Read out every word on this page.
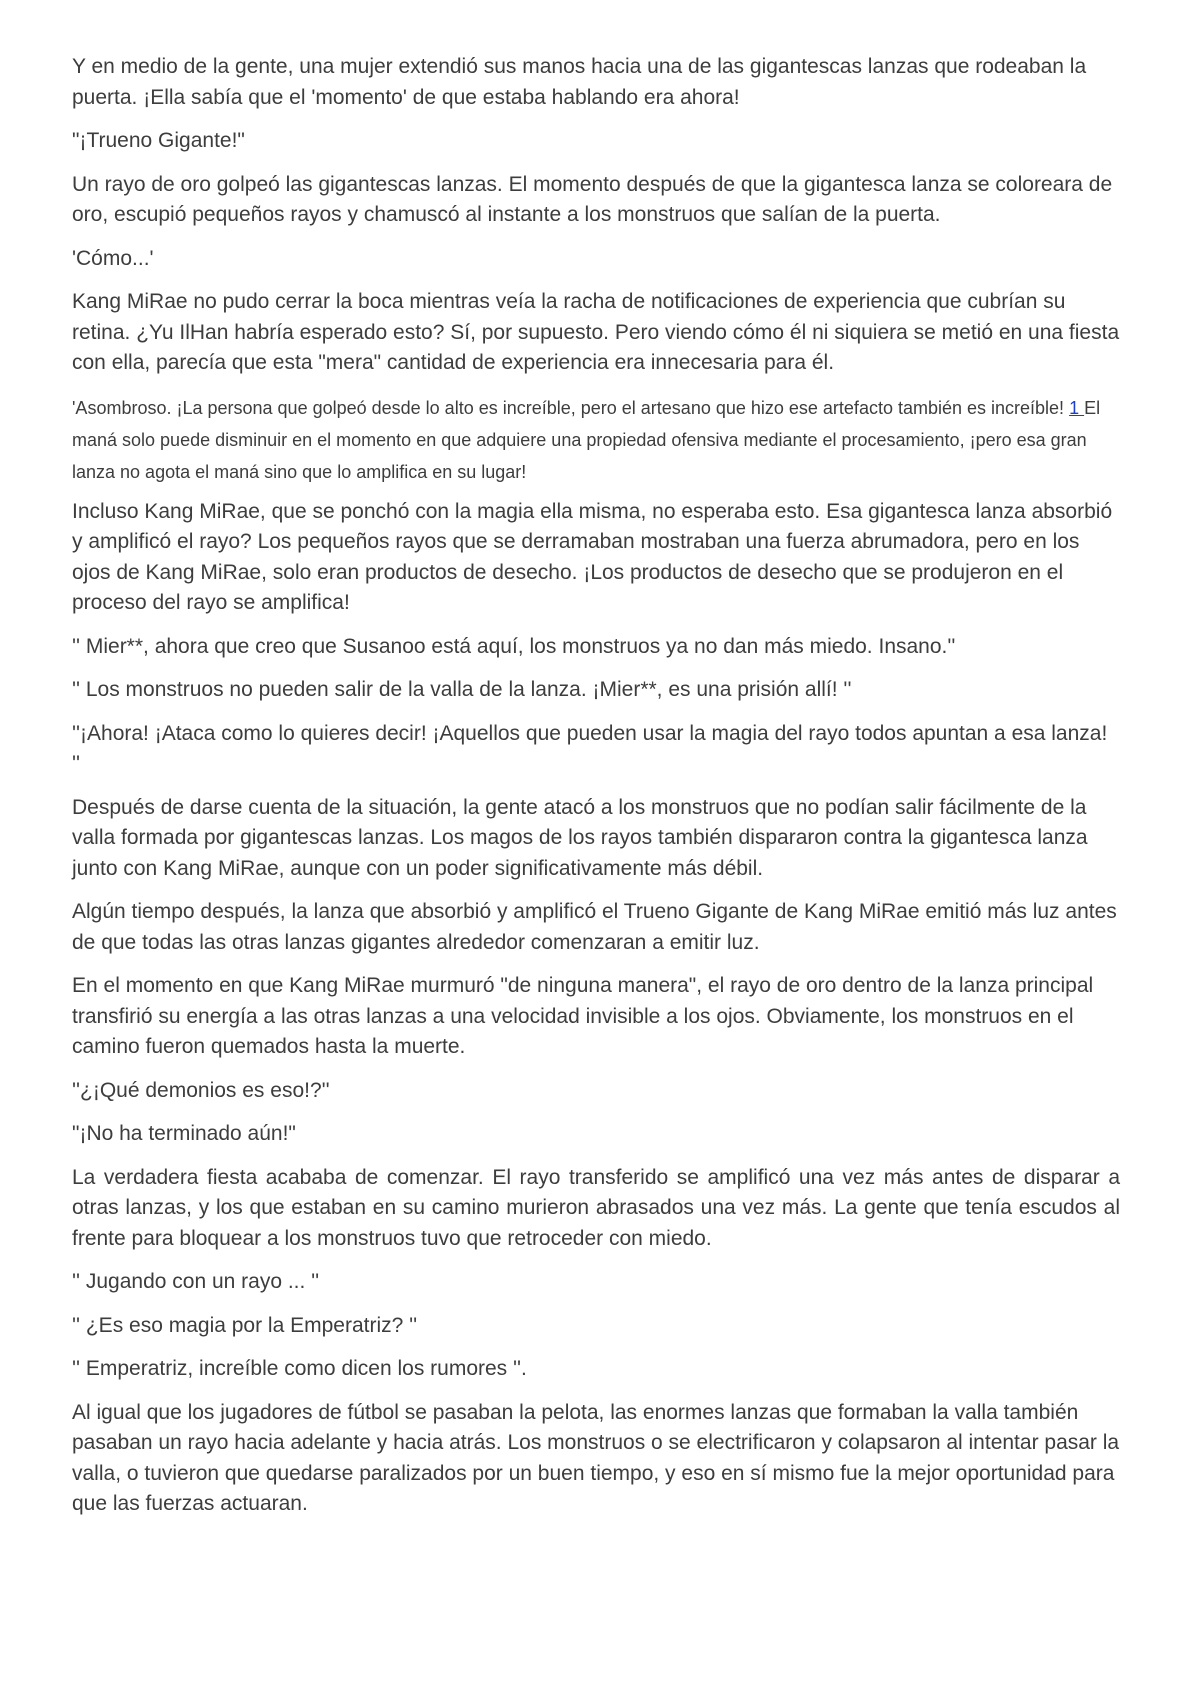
Y en medio de la gente, una mujer extendió sus manos hacia una de las gigantescas lanzas que rodeaban la puerta. ¡Ella sabía que el 'momento' de que estaba hablando era ahora!

"¡Trueno Gigante!"

Un rayo de oro golpeó las gigantescas lanzas. El momento después de que la gigantesca lanza se coloreara de oro, escupió pequeños rayos y chamuscó al instante a los monstruos que salían de la puerta.

'Cómo...'

Kang MiRae no pudo cerrar la boca mientras veía la racha de notificaciones de experiencia que cubrían su retina. ¿Yu IlHan habría esperado esto? Sí, por supuesto. Pero viendo cómo él ni siquiera se metió en una fiesta con ella, parecía que esta "mera" cantidad de experiencia era innecesaria para él.

'Asombroso. ¡La persona que golpeó desde lo alto es increíble, pero el artesano que hizo ese artefacto también es increíble! 1 El maná solo puede disminuir en el momento en que adquiere una propiedad ofensiva mediante el procesamiento, ¡pero esa gran lanza no agota el maná sino que lo amplifica en su lugar!

Incluso Kang MiRae, que se ponchó con la magia ella misma, no esperaba esto. Esa gigantesca lanza absorbió y amplificó el rayo? Los pequeños rayos que se derramaban mostraban una fuerza abrumadora, pero en los ojos de Kang MiRae, solo eran productos de desecho. ¡Los productos de desecho que se produjeron en el proceso del rayo se amplifica!

'' Mier**, ahora que creo que Susanoo está aquí, los monstruos ya no dan más miedo. Insano.''

'' Los monstruos no pueden salir de la valla de la lanza. ¡Mier**, es una prisión allí! ''

''¡Ahora! ¡Ataca como lo quieres decir! ¡Aquellos que pueden usar la magia del rayo todos apuntan a esa lanza! ''

Después de darse cuenta de la situación, la gente atacó a los monstruos que no podían salir fácilmente de la valla formada por gigantescas lanzas. Los magos de los rayos también dispararon contra la gigantesca lanza junto con Kang MiRae, aunque con un poder significativamente más débil.

Algún tiempo después, la lanza que absorbió y amplificó el Trueno Gigante de Kang MiRae emitió más luz antes de que todas las otras lanzas gigantes alrededor comenzaran a emitir luz.

En el momento en que Kang MiRae murmuró "de ninguna manera", el rayo de oro dentro de la lanza principal transfirió su energía a las otras lanzas a una velocidad invisible a los ojos. Obviamente, los monstruos en el camino fueron quemados hasta la muerte.

''¿¡Qué demonios es eso!?''

"¡No ha terminado aún!"

La verdadera fiesta acababa de comenzar. El rayo transferido se amplificó una vez más antes de disparar a otras lanzas, y los que estaban en su camino murieron abrasados una vez más. La gente que tenía escudos al frente para bloquear a los monstruos tuvo que retroceder con miedo.

'' Jugando con un rayo ... ''

'' ¿Es eso magia por la Emperatriz? ''

'' Emperatriz, increíble como dicen los rumores ''.

Al igual que los jugadores de fútbol se pasaban la pelota, las enormes lanzas que formaban la valla también pasaban un rayo hacia adelante y hacia atrás. Los monstruos o se electrificaron y colapsaron al intentar pasar la valla, o tuvieron que quedarse paralizados por un buen tiempo, y eso en sí mismo fue la mejor oportunidad para que las fuerzas actuaran.
